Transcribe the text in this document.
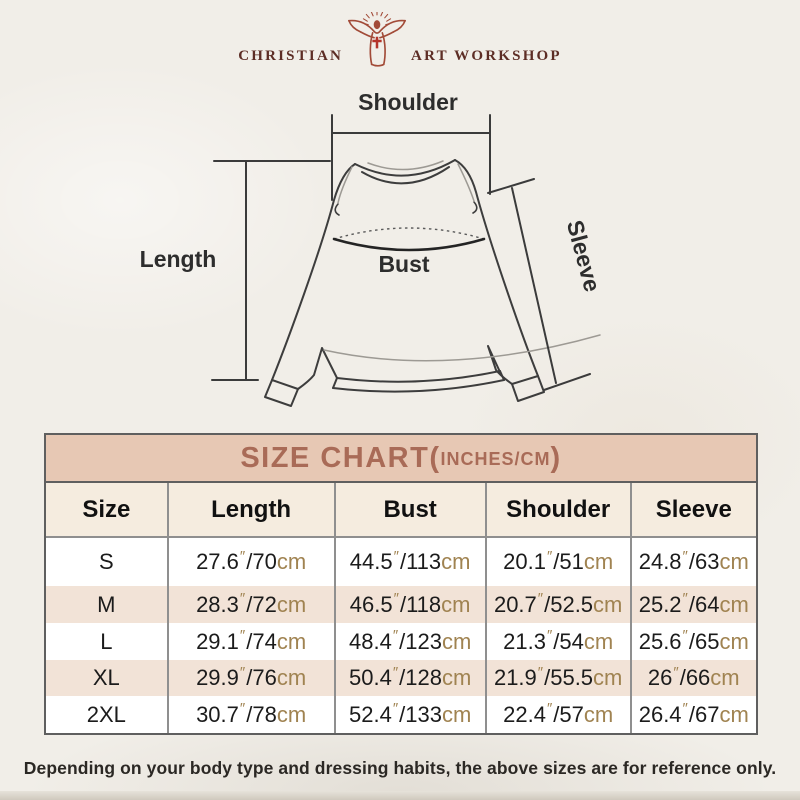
CHRISTIAN	ART WORKSHOP
Shoulder
Length	Bust	Sleeve
SIZE CHART( INCHES/CM )
Size	Length	Bust	Shoulder	Sleeve
S	27.6 ″ / 70 cm 44.5 ″ / 113 cm 20.1 ″ / 51 cm 24.8 ″ / 63 cm
M	28.3 ″ / 72 cm 46.5 ″ / 118 cm 20.7 ″ / 52.5 cm 25.2 ″ / 64 cm
L	29.1 ″ / 74 cm 48.4 ″ / 123 cm 21.3 ″ / 54 cm 25.6 ″ / 65 cm
XL	29.9 ″ / 76 cm 50.4 ″ / 128 cm 21.9 ″ / 55.5 cm 26 ″ / 66 cm
2XL	30.7 ″ / 78 cm 52.4 ″ / 133 cm 22.4 ″ / 57 cm 26.4 ″ / 67 cm
Depending on your body type and dressing habits, the above sizes are for reference only.
